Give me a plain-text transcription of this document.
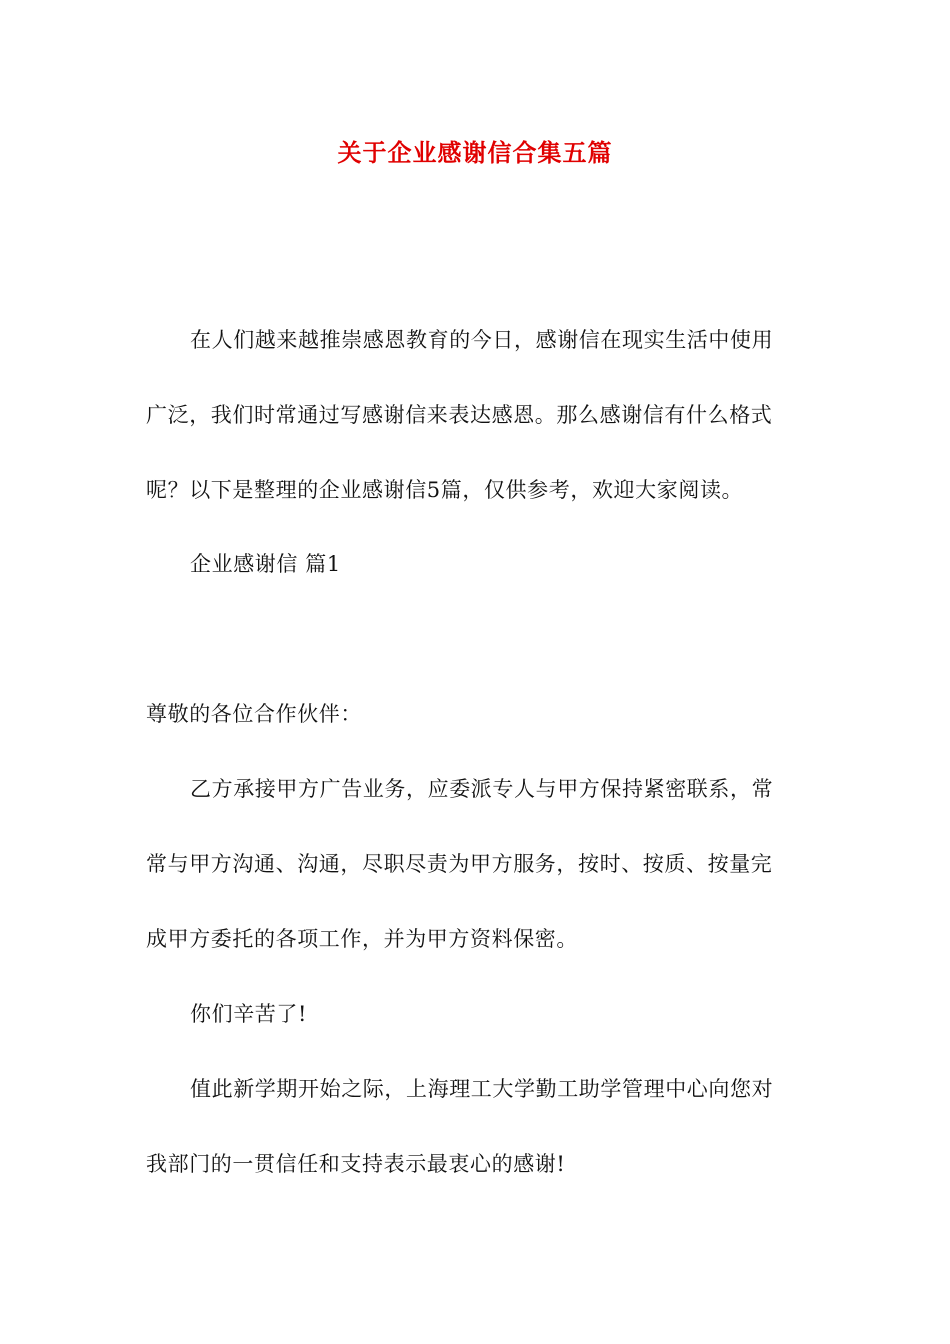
关于企业感谢信合集五篇
在人们越来越推崇感恩教育的今日，感谢信在现实生活中使用
广泛，我们时常通过写感谢信来表达感恩。那么感谢信有什么格式
呢？以下是整理的企业感谢信5篇，仅供参考，欢迎大家阅读。
企业感谢信 篇1
尊敬的各位合作伙伴：
乙方承接甲方广告业务，应委派专人与甲方保持紧密联系，常
常与甲方沟通、沟通，尽职尽责为甲方服务，按时、按质、按量完
成甲方委托的各项工作，并为甲方资料保密。
你们辛苦了!
值此新学期开始之际，上海理工大学勤工助学管理中心向您对
我部门的一贯信任和支持表示最衷心的感谢!
